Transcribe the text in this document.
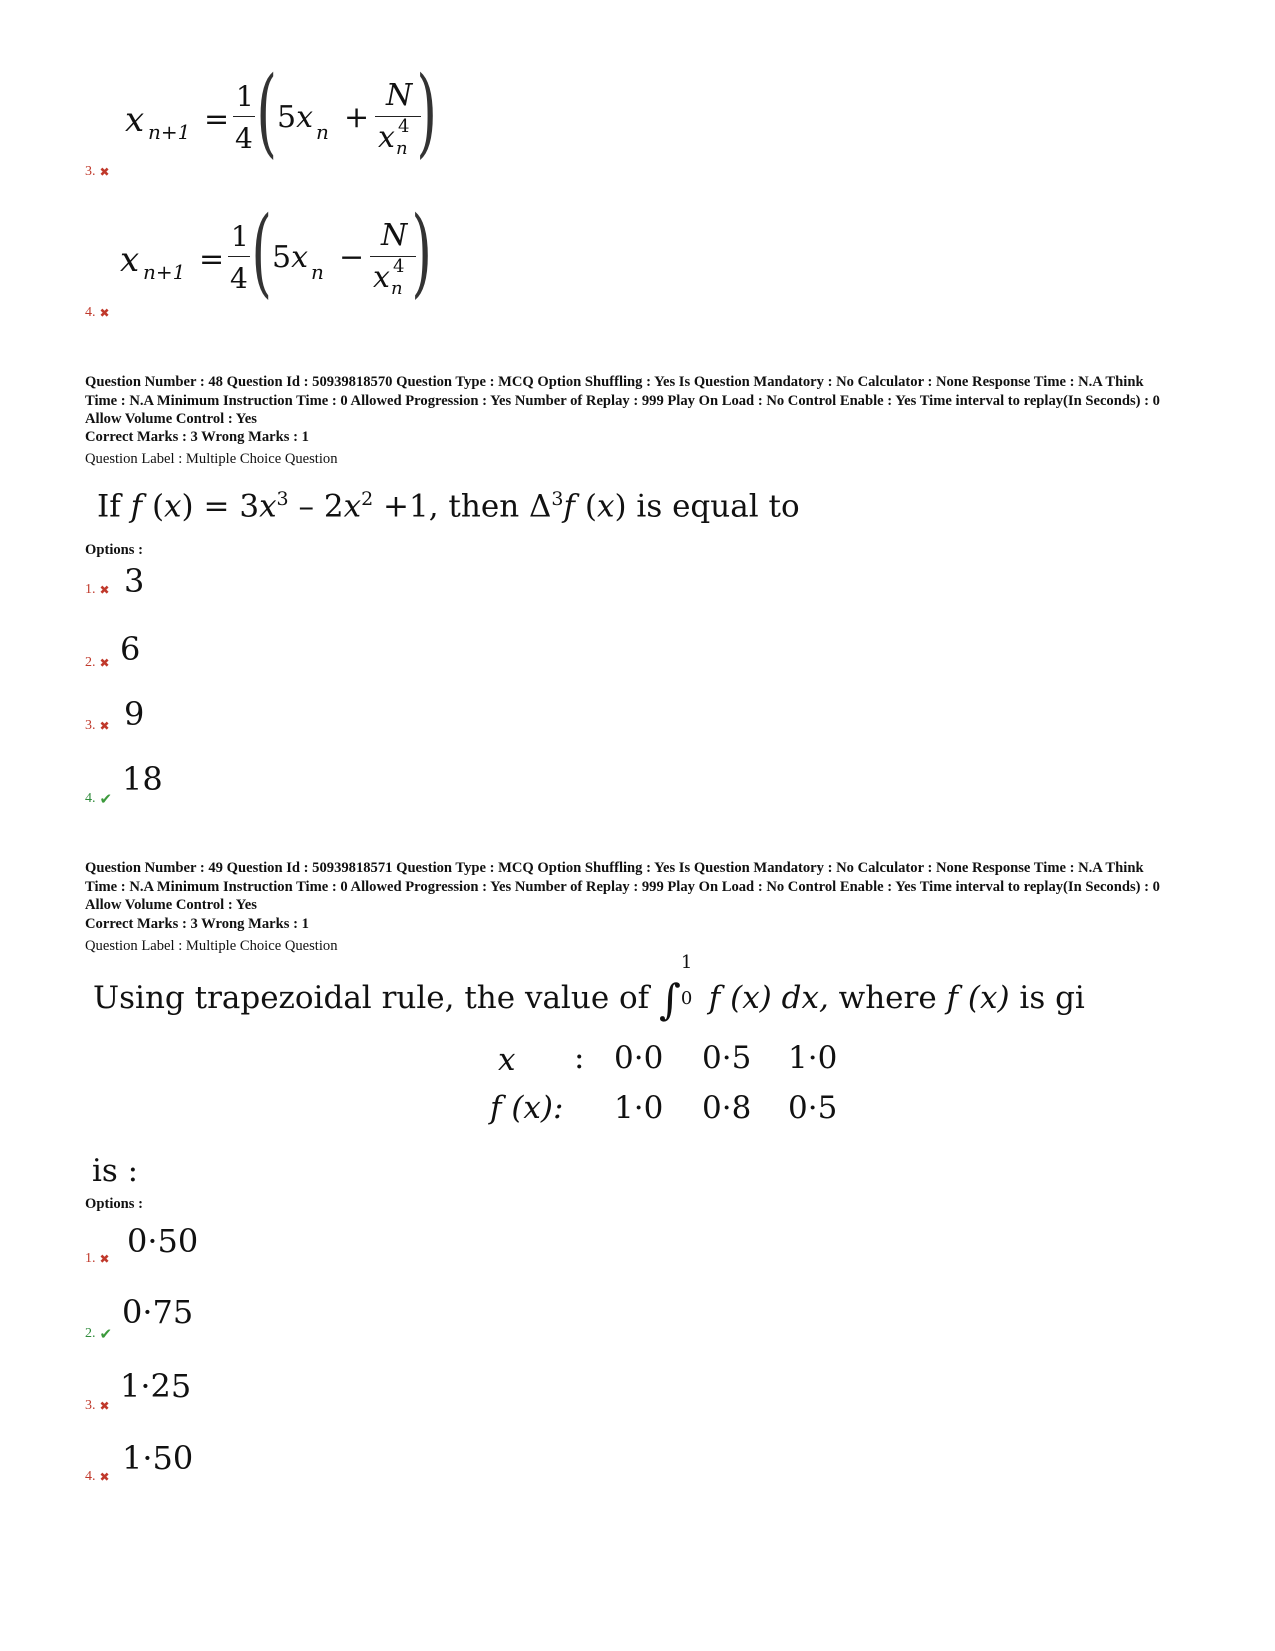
x n+1 =
1
4 ( 5x n +
N
x 4
n )
3. ✖
x n+1 =
1
4 ( 5x n −
N
x 4
n )
4. ✖
Question Number : 48 Question Id : 50939818570 Question Type : MCQ Option Shuffling : Yes Is Question Mandatory : No Calculator : None Response Time : N.A Think Time : N.A Minimum Instruction Time : 0 Allowed Progression : Yes Number of Replay : 999 Play On Load : No Control Enable : Yes Time interval to replay(In Seconds) : 0 Allow Volume Control : Yes
Correct Marks : 3 Wrong Marks : 1
Question Label : Multiple Choice Question
If f $(x) = 3x^3 - 2x^2 +1$, then $\Delta^3f$ (x) is equal to
Options :
1. ✖ 3
2. ✖ 6
3. ✖ 9
4. ✔
18
Question Number : 49 Question Id : 50939818571 Question Type : MCQ Option Shuffling : Yes Is Question Mandatory : No Calculator : None Response Time : N.A Think Time : N.A Minimum Instruction Time : 0 Allowed Progression : Yes Number of Replay : 999 Play On Load : No Control Enable : Yes Time interval to replay(In Seconds) : 0 Allow Volume Control : Yes
Correct Marks : 3 Wrong Marks : 1
Question Label : Multiple Choice Question
Using trapezoidal rule, the value of ∫
1
0 f (x) dx, where f (x) is gi
x : 0·0 0·5 1·0
f (x): 1·0 0·8 0·5
is :
Options :
1. ✖ 0·50
2. ✔
0·75
3. ✖
1·25
4. ✖ 1·50
